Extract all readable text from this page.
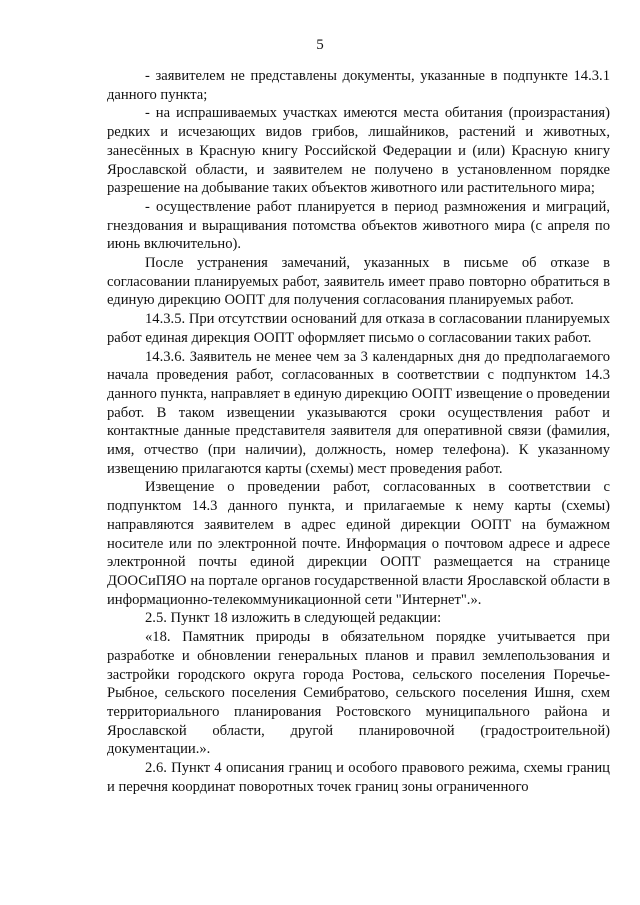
5

- заявителем не представлены документы, указанные в подпункте 14.3.1 данного пункта;

- на испрашиваемых участках имеются места обитания (произрастания) редких и исчезающих видов грибов, лишайников, растений и животных, занесённых в Красную книгу Российской Федерации и (или) Красную книгу Ярославской области, и заявителем не получено в установленном порядке разрешение на добывание таких объектов животного или растительного мира;

- осуществление работ планируется в период размножения и миграций, гнездования и выращивания потомства объектов животного мира (с апреля по июнь включительно).

После устранения замечаний, указанных в письме об отказе в согласовании планируемых работ, заявитель имеет право повторно обратиться в единую дирекцию ООПТ для получения согласования планируемых работ.

14.3.5. При отсутствии оснований для отказа в согласовании планируемых работ единая дирекция ООПТ оформляет письмо о согласовании таких работ.

14.3.6. Заявитель не менее чем за 3 календарных дня до предполагаемого начала проведения работ, согласованных в соответствии с подпунктом 14.3 данного пункта, направляет в единую дирекцию ООПТ извещение о проведении работ. В таком извещении указываются сроки осуществления работ и контактные данные представителя заявителя для оперативной связи (фамилия, имя, отчество (при наличии), должность, номер телефона). К указанному извещению прилагаются карты (схемы) мест проведения работ.

Извещение о проведении работ, согласованных в соответствии с подпунктом 14.3 данного пункта, и прилагаемые к нему карты (схемы) направляются заявителем в адрес единой дирекции ООПТ на бумажном носителе или по электронной почте. Информация о почтовом адресе и адресе электронной почты единой дирекции ООПТ размещается на странице ДООСиПЯО на портале органов государственной власти Ярославской области в информационно-телекоммуникационной сети "Интернет".».

2.5. Пункт 18 изложить в следующей редакции:

«18. Памятник природы в обязательном порядке учитывается при разработке и обновлении генеральных планов и правил землепользования и застройки городского округа города Ростова, сельского поселения Поречье-Рыбное, сельского поселения Семибратово, сельского поселения Ишня, схем территориального планирования Ростовского муниципального района и Ярославской области, другой планировочной (градостроительной) документации.».

2.6. Пункт 4 описания границ и особого правового режима, схемы границ и перечня координат поворотных точек границ зоны ограниченного
